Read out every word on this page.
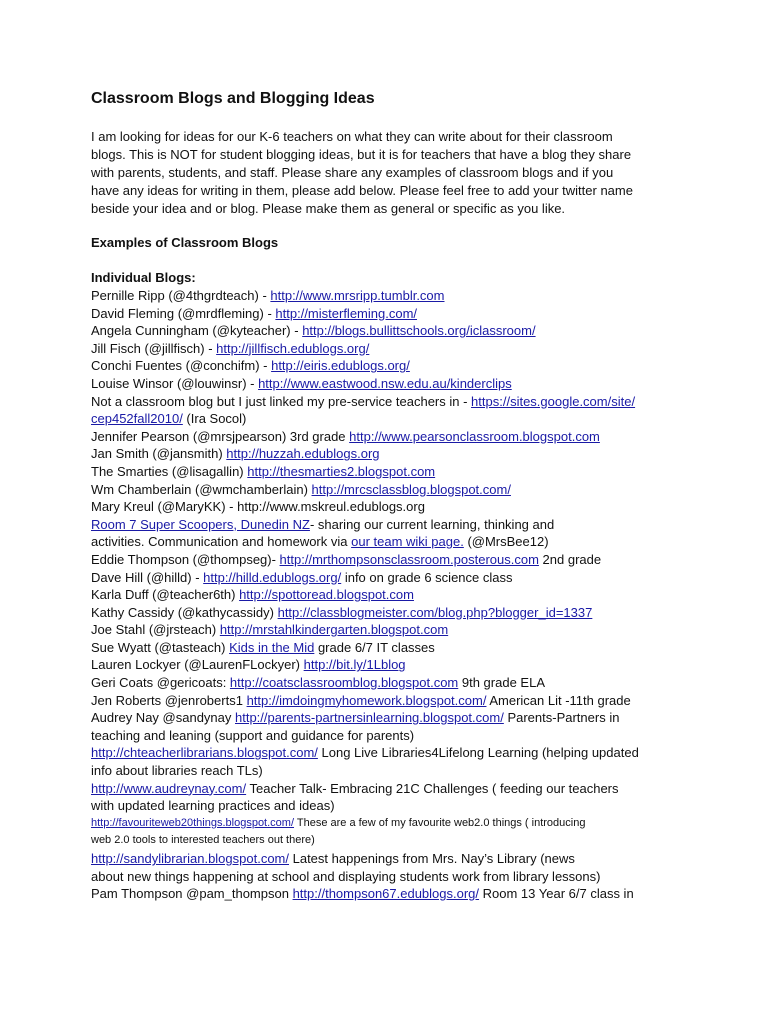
Classroom Blogs and Blogging Ideas

I am looking for ideas for our K-6 teachers on what they can write about for their classroom
blogs. This is NOT for student blogging ideas, but it is for teachers that have a blog they share
with parents, students, and staff. Please share any examples of classroom blogs and if you
have any ideas for writing in them, please add below. Please feel free to add your twitter name
beside your idea and or blog. Please make them as general or specific as you like.

Examples of Classroom Blogs
Individual Blogs:
Pernille Ripp (@4thgrdteach) - http://www.mrsripp.tumblr.com
David Fleming (@mrdfleming) - http://misterfleming.com/
Angela Cunningham (@kyteacher) - http://blogs.bullittschools.org/iclassroom/
Jill Fisch (@jillfisch) - http://jillfisch.edublogs.org/
Conchi Fuentes (@conchifm) - http://eiris.edublogs.org/
Louise Winsor (@louwinsr) - http://www.eastwood.nsw.edu.au/kinderclips
Not a classroom blog but I just linked my pre-service teachers in - https://sites.google.com/site/
cep452fall2010/ (Ira Socol)
Jennifer Pearson (@mrsjpearson) 3rd grade http://www.pearsonclassroom.blogspot.com
Jan Smith (@jansmith) http://huzzah.edublogs.org
The Smarties (@lisagallin) http://thesmarties2.blogspot.com
Wm Chamberlain (@wmchamberlain) http://mrcsclassblog.blogspot.com/
Mary Kreul (@MaryKK) - http://www.mskreul.edublogs.org
Room 7 Super Scoopers, Dunedin NZ- sharing our current learning, thinking and
activities. Communication and homework via our team wiki page. (@MrsBee12)
Eddie Thompson (@thompseg)- http://mrthompsonsclassroom.posterous.com 2nd grade
Dave Hill (@hilld) - http://hilld.edublogs.org/ info on grade 6 science class
Karla Duff (@teacher6th) http://spottoread.blogspot.com
Kathy Cassidy (@kathycassidy) http://classblogmeister.com/blog.php?blogger_id=1337
Joe Stahl (@jrsteach) http://mrstahlkindergarten.blogspot.com
Sue Wyatt (@tasteach) Kids in the Mid grade 6/7 IT classes
Lauren Lockyer (@LaurenFLockyer) http://bit.ly/1Lblog
Geri Coats @gericoats: http://coatsclassroomblog.blogspot.com 9th grade ELA
Jen Roberts @jenroberts1 http://imdoingmyhomework.blogspot.com/ American Lit -11th grade
Audrey Nay @sandynay http://parents-partnersinlearning.blogspot.com/ Parents-Partners in
teaching and leaning (support and guidance for parents)
http://chteacherlibrarians.blogspot.com/ Long Live Libraries4Lifelong Learning (helping updated
info about libraries reach TLs)
http://www.audreynay.com/ Teacher Talk- Embracing 21C Challenges ( feeding our teachers
with updated learning practices and ideas)
http://favouriteweb20things.blogspot.com/ These are a few of my favourite web2.0 things ( introducing
web 2.0 tools to interested teachers out there)
http://sandylibrarian.blogspot.com/ Latest happenings from Mrs. Nay’s Library (news
about new things happening at school and displaying students work from library lessons)
Pam Thompson @pam_thompson http://thompson67.edublogs.org/ Room 13 Year 6/7 class in
